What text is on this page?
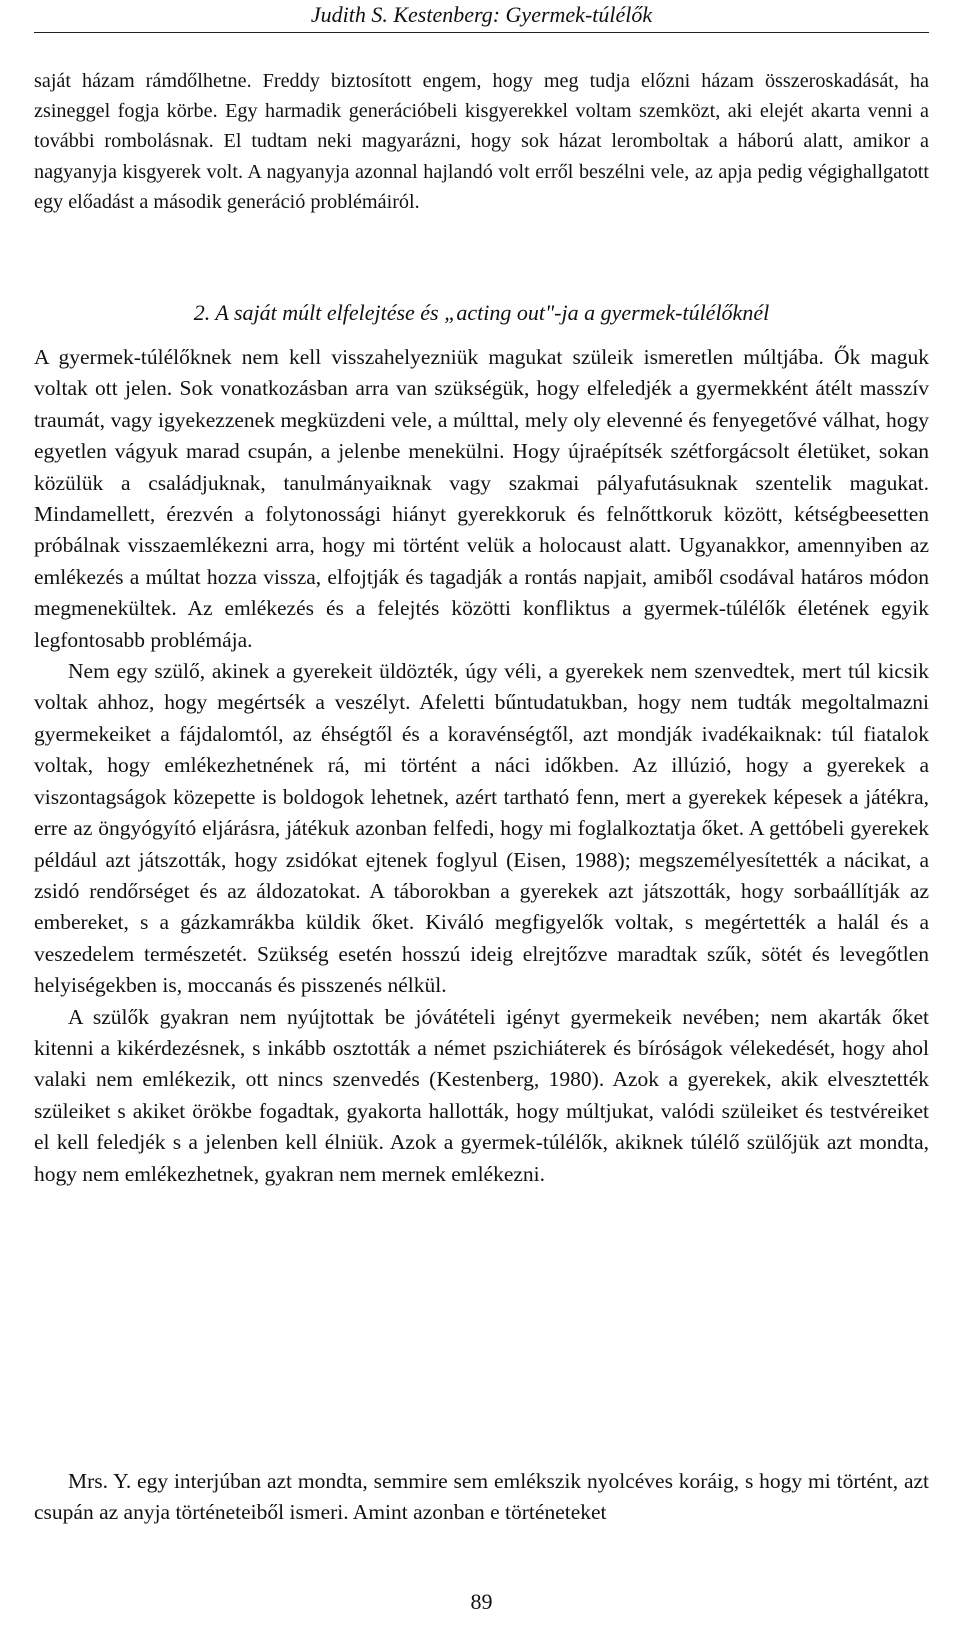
Judith S. Kestenberg: Gyermek-túlélők

saját házam rámdőlhetne. Freddy biztosított engem, hogy meg tudja előzni házam összeroskadását, ha zsineggel fogja körbe. Egy harmadik generációbeli kisgyerekkel voltam szemközt, aki elejét akarta venni a további rombolásnak. El tudtam neki magyarázni, hogy sok házat leromboltak a háború alatt, amikor a nagyanyja kisgyerek volt. A nagyanyja azonnal hajlandó volt erről beszélni vele, az apja pedig végighallgatott egy előadást a második generáció problémáiról.

2. A saját múlt elfelejtése és „acting out"-ja a gyermek-túlélőknél

A gyermek-túlélőknek nem kell visszahelyezniük magukat szüleik ismeretlen múltjába. Ők maguk voltak ott jelen. Sok vonatkozásban arra van szükségük, hogy elfeledjék a gyermekként átélt masszív traumát, vagy igyekezzenek megküzdeni vele, a múlttal, mely oly elevenné és fenyegetővé válhat, hogy egyetlen vágyuk marad csupán, a jelenbe menekülni. Hogy újraépítsék szétforgácsolt életüket, sokan közülük a családjuknak, tanulmányaiknak vagy szakmai pályafutásuknak szentelik magukat. Mindamellett, érezvén a folytonossági hiányt gyerekkoruk és felnőttkoruk között, kétségbeesetten próbálnak visszaemlékezni arra, hogy mi történt velük a holocaust alatt. Ugyanakkor, amennyiben az emlékezés a múltat hozza vissza, elfojtják és tagadják a rontás napjait, amiből csodával határos módon megmenekültek. Az emlékezés és a felejtés közötti konfliktus a gyermek-túlélők életének egyik legfontosabb problémája.

Nem egy szülő, akinek a gyerekeit üldözték, úgy véli, a gyerekek nem szenvedtek, mert túl kicsik voltak ahhoz, hogy megértsék a veszélyt. Afeletti bűntudatukban, hogy nem tudták megoltalmazni gyermekeiket a fájdalomtól, az éhségtől és a koravénségtől, azt mondják ivadékaiknak: túl fiatalok voltak, hogy emlékezhetnének rá, mi történt a náci időkben. Az illúzió, hogy a gyerekek a viszontagságok közepette is boldogok lehetnek, azért tartható fenn, mert a gyerekek képesek a játékra, erre az öngyógyító eljárásra, játékuk azonban felfedi, hogy mi foglalkoztatja őket. A gettóbeli gyerekek például azt játszották, hogy zsidókat ejtenek foglyul (Eisen, 1988); megszemélyesítették a nácikat, a zsidó rendőrséget és az áldozatokat. A táborokban a gyerekek azt játszották, hogy sorbaállítják az embereket, s a gázkamrákba küldik őket. Kiváló megfigyelők voltak, s megértették a halál és a veszedelem természetét. Szükség esetén hosszú ideig elrejtőzve maradtak szűk, sötét és levegőtlen helyiségekben is, moccanás és pisszenés nélkül.

A szülők gyakran nem nyújtottak be jóvátételi igényt gyermekeik nevében; nem akarták őket kitenni a kikérdezésnek, s inkább osztották a német pszichiáterek és bíróságok vélekedését, hogy ahol valaki nem emlékezik, ott nincs szenvedés (Kestenberg, 1980). Azok a gyerekek, akik elvesztették szüleiket s akiket örökbe fogadtak, gyakorta hallották, hogy múltjukat, valódi szüleiket és testvéreiket el kell feledjék s a jelenben kell élniük. Azok a gyermek-túlélők, akiknek túlélő szülőjük azt mondta, hogy nem emlékezhetnek, gyakran nem mernek emlékezni.

Mrs. Y. egy interjúban azt mondta, semmire sem emlékszik nyolcéves koráig, s hogy mi történt, azt csupán az anyja történeteiből ismeri. Amint azonban e történeteket

89
